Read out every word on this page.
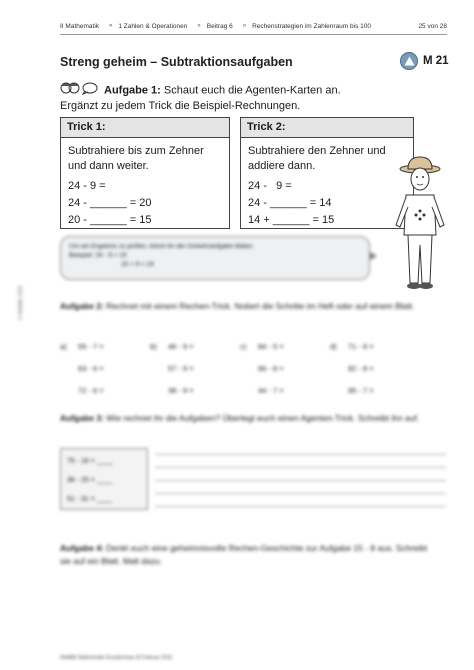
II Mathematik » 1 Zahlen & Operationen » Beitrag 6 » Rechenstrategien im Zahlenraum bis 100	25 von 28
Streng geheim – Subtraktionsaufgaben	M 21
Aufgabe 1: Schaut euch die Agenten-Karten an.
Ergänzt zu jedem Trick die Beispiel-Rechnungen.
Trick 1:
Subtrahiere bis zum Zehner und dann weiter.
24 - 9 =
24 - ______ = 20
20 - ______ = 15
Trick 2:
Subtrahiere den Zehner und addiere dann.
24 -   9 =
24 - ______ = 14
14 + ______ = 15
Um ein Ergebnis zu prüfen, könnt ihr die Umkehraufgabe bilden.
Beispiel: 24 - 9 = 15
15 + 9 = 24
Aufgabe 2: Rechnet mit einem Rechen-Trick. Notiert die Schritte im Heft oder auf einem Blatt.
a)	55 - 7 =	b)	46 - 9 =	c)	84 - 5 =	d)	71 - 8 =
63 - 6 =	57 - 9 =	66 - 8 =	82 - 8 =
72 - 6 =	38 - 9 =	44 - 7 =	95 - 7 =
Aufgabe 3: Wie rechnet ihr die Aufgaben? Überlegt euch einen Agenten-Trick. Schreibt ihn auf.
75 - 16 = ____
36 - 25 = ____
51 - 31 = ____
Aufgabe 4: Denkt euch eine geheimnisvolle Rechen-Geschichte zur Aufgabe 15 - 8 aus. Schreibt sie auf ein Blatt. Malt dazu.
RAABE Mathematik Grundschule 20 Februar 2015
© RAABE 2015
